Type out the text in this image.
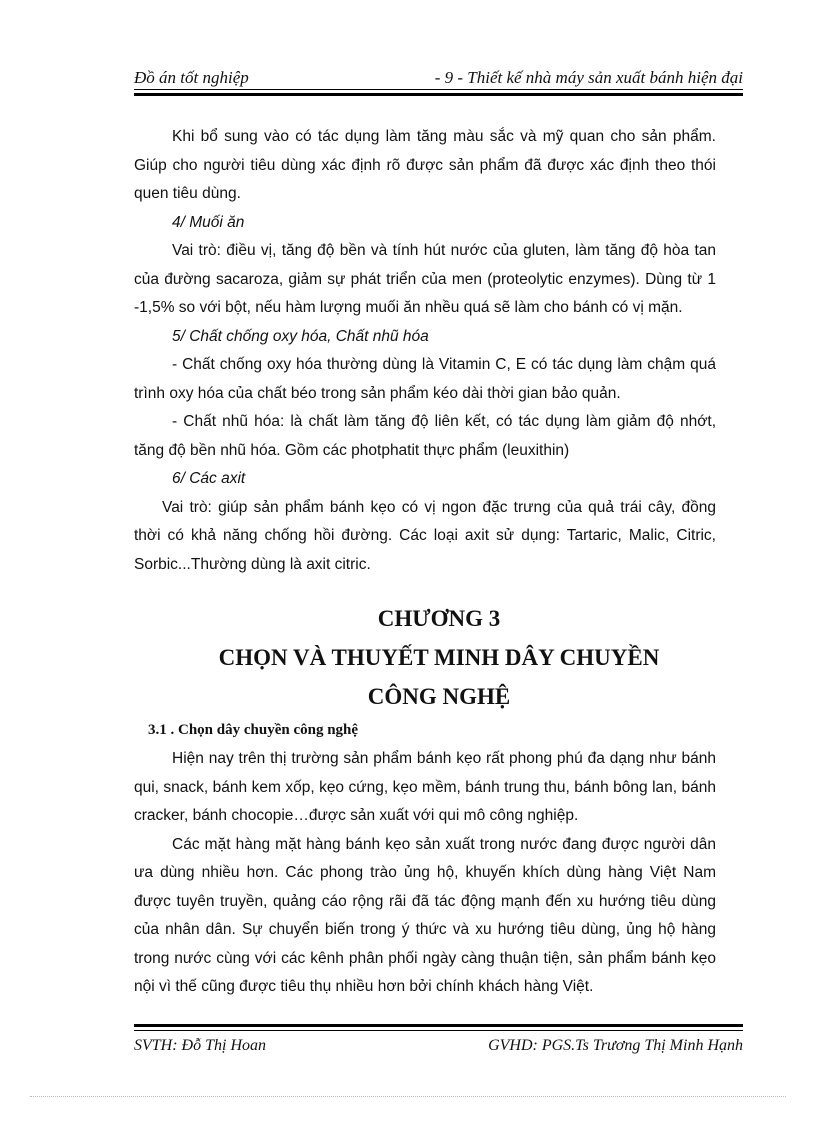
Đồ án tốt nghiệp	- 9 - Thiết kế nhà máy sản xuất bánh hiện đại

Khi bổ sung vào có tác dụng làm tăng màu sắc và mỹ quan cho sản phẩm. Giúp cho người tiêu dùng xác định rõ được sản phẩm đã được xác định theo thói quen tiêu dùng.

4/ Muối ăn

Vai trò: điều vị, tăng độ bền và tính hút nước của gluten, làm tăng độ hòa tan của đường sacaroza, giảm sự phát triển của men (proteolytic enzymes). Dùng từ 1 -1,5% so với bột, nếu hàm lượng muối ăn nhều quá sẽ làm cho bánh có vị mặn.

5/ Chất chống oxy hóa, Chất nhũ hóa

- Chất chống oxy hóa thường dùng là Vitamin C, E có tác dụng làm chậm quá trình oxy hóa của chất béo trong sản phẩm kéo dài thời gian bảo quản.

- Chất nhũ hóa: là chất làm tăng độ liên kết, có tác dụng làm giảm độ nhớt, tăng độ bền nhũ hóa. Gồm các photphatit thực phẩm (leuxithin)

6/ Các axit

Vai trò: giúp sản phẩm bánh kẹo có vị ngon đặc trưng của quả trái cây, đồng thời có khả năng chống hồi đường. Các loại axit sử dụng: Tartaric, Malic, Citric, Sorbic...Thường dùng là axit citric.

CHƯƠNG 3
CHỌN VÀ THUYẾT MINH DÂY CHUYỀN
CÔNG NGHỆ
3.1 . Chọn dây chuyền công nghệ

Hiện nay trên thị trường sản phẩm bánh kẹo rất phong phú đa dạng như bánh qui, snack, bánh kem xốp, kẹo cứng, kẹo mềm, bánh trung thu, bánh bông lan, bánh cracker, bánh chocopie…được sản xuất với qui mô công nghiệp.

Các mặt hàng mặt hàng bánh kẹo sản xuất trong nước đang được người dân ưa dùng nhiều hơn. Các phong trào ủng hộ, khuyến khích dùng hàng Việt Nam được tuyên truyền, quảng cáo rộng rãi đã tác động mạnh đến xu hướng tiêu dùng của nhân dân. Sự chuyển biến trong ý thức và xu hướng tiêu dùng, ủng hộ hàng trong nước cùng với các kênh phân phối ngày càng thuận tiện, sản phẩm bánh kẹo nội vì thế cũng được tiêu thụ nhiều hơn bởi chính khách hàng Việt.

SVTH: Đỗ Thị Hoan	GVHD: PGS.Ts Trương Thị Minh Hạnh
